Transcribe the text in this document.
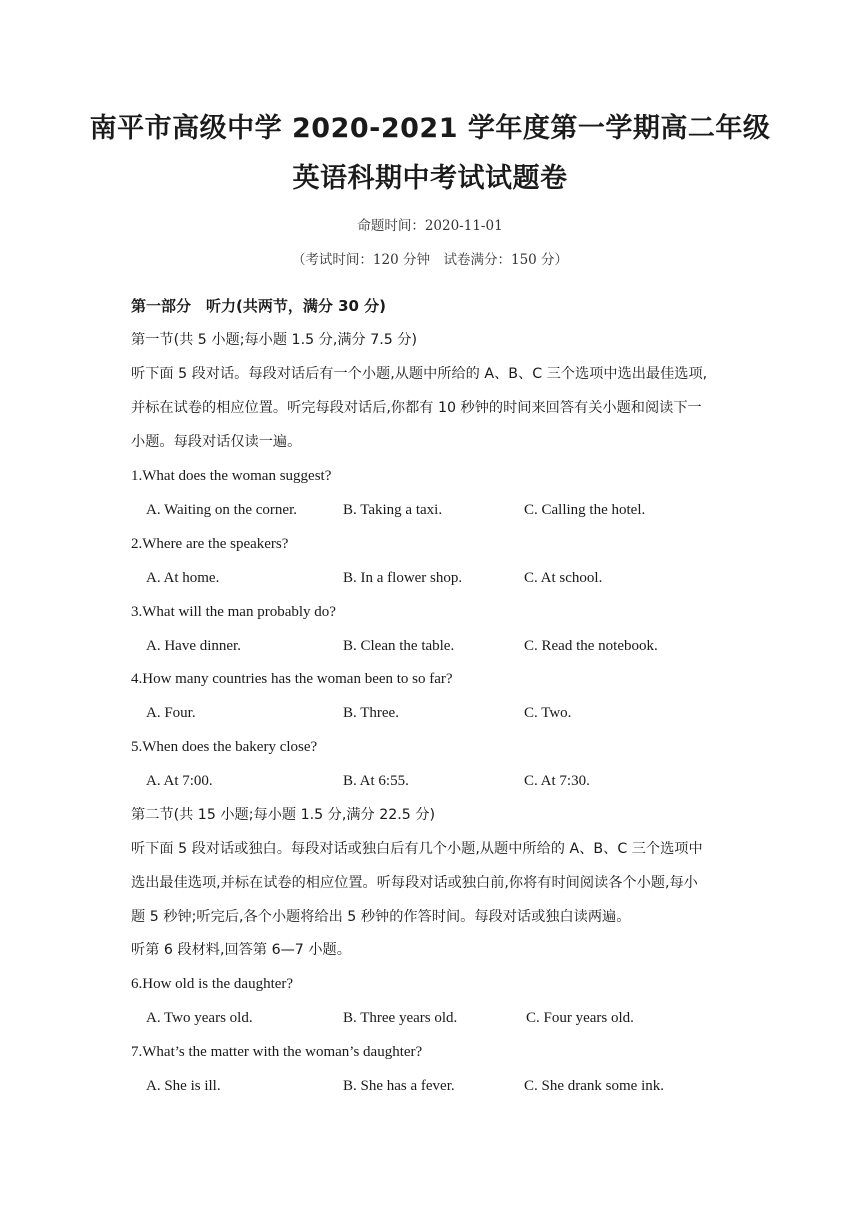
南平市高级中学 2020-2021 学年度第一学期高二年级
英语科期中考试试题卷
命题时间：2020-11-01
（考试时间：120 分钟　试卷满分：150 分）
第一部分　听力(共两节，满分 30 分)
第一节(共 5 小题;每小题 1.5 分,满分 7.5 分)
听下面 5 段对话。每段对话后有一个小题,从题中所给的 A、B、C 三个选项中选出最佳选项,
并标在试卷的相应位置。听完每段对话后,你都有 10 秒钟的时间来回答有关小题和阅读下一
小题。每段对话仅读一遍。
1.What does the woman suggest?
A. Waiting on the corner.	B. Taking a taxi.	C. Calling the hotel.
2.Where are the speakers?
A. At home.	B. In a flower shop.	C. At school.
3.What will the man probably do?
A. Have dinner.	B. Clean the table.	C. Read the notebook.
4.How many countries has the woman been to so far?
A. Four.	B. Three.	C. Two.
5.When does the bakery close?
A. At 7:00.	B. At 6:55.	C. At 7:30.
第二节(共 15 小题;每小题 1.5 分,满分 22.5 分)
听下面 5 段对话或独白。每段对话或独白后有几个小题,从题中所给的 A、B、C 三个选项中
选出最佳选项,并标在试卷的相应位置。听每段对话或独白前,你将有时间阅读各个小题,每小
题 5 秒钟;听完后,各个小题将给出 5 秒钟的作答时间。每段对话或独白读两遍。
听第 6 段材料,回答第 6—7 小题。
6.How old is the daughter?
A. Two years old.	B. Three years old.	C. Four years old.
7.What’s the matter with the woman’s daughter?
A. She is ill.	B. She has a fever.	C. She drank some ink.
